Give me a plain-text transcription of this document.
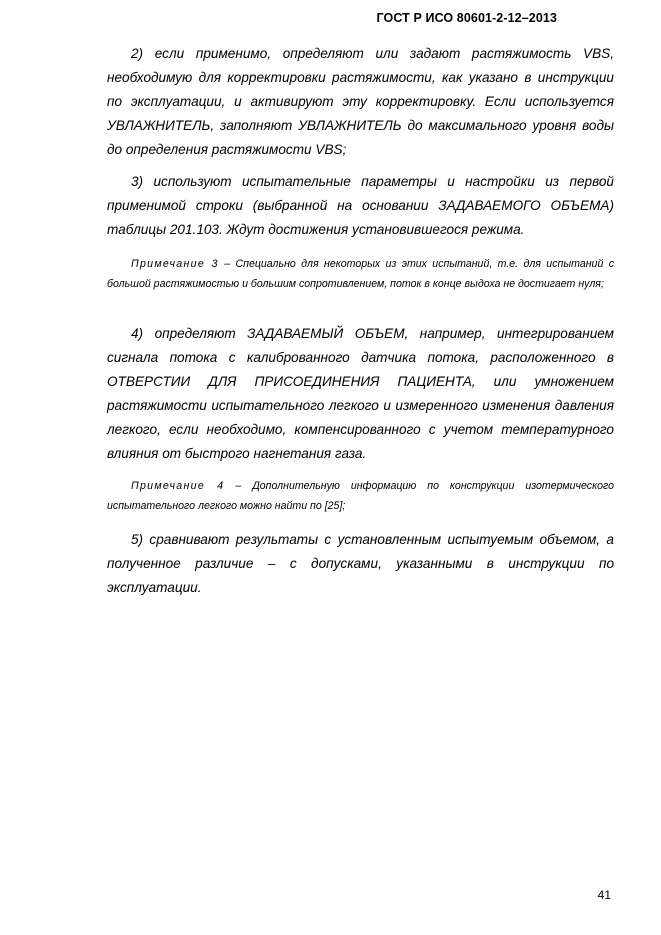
ГОСТ Р ИСО 80601-2-12–2013

2) если применимо, определяют или задают растяжимость VBS, необходимую для корректировки растяжимости, как указано в инструкции по эксплуатации, и активируют эту корректировку. Если используется УВЛАЖНИТЕЛЬ, заполняют УВЛАЖНИТЕЛЬ до максимального уровня воды до определения растяжимости VBS;

3) используют испытательные параметры и настройки из первой применимой строки (выбранной на основании ЗАДАВАЕМОГО ОБЪЕМА) таблицы 201.103. Ждут достижения установившегося режима.

Примечание 3 – Специально для некоторых из этих испытаний, т.е. для испытаний с большой растяжимостью и большим сопротивлением, поток в конце выдоха не достигает нуля;

4) определяют ЗАДАВАЕМЫЙ ОБЪЕМ, например, интегрированием сигнала потока с калиброванного датчика потока, расположенного в ОТВЕРСТИИ ДЛЯ ПРИСОЕДИНЕНИЯ ПАЦИЕНТА, или умножением растяжимости испытательного легкого и измеренного изменения давления легкого, если необходимо, компенсированного с учетом температурного влияния от быстрого нагнетания газа.

Примечание 4 – Дополнительную информацию по конструкции изотермического испытательного легкого можно найти по [25];

5) сравнивают результаты с установленным испытуемым объемом, а полученное различие – с допусками, указанными в инструкции по эксплуатации.

41
